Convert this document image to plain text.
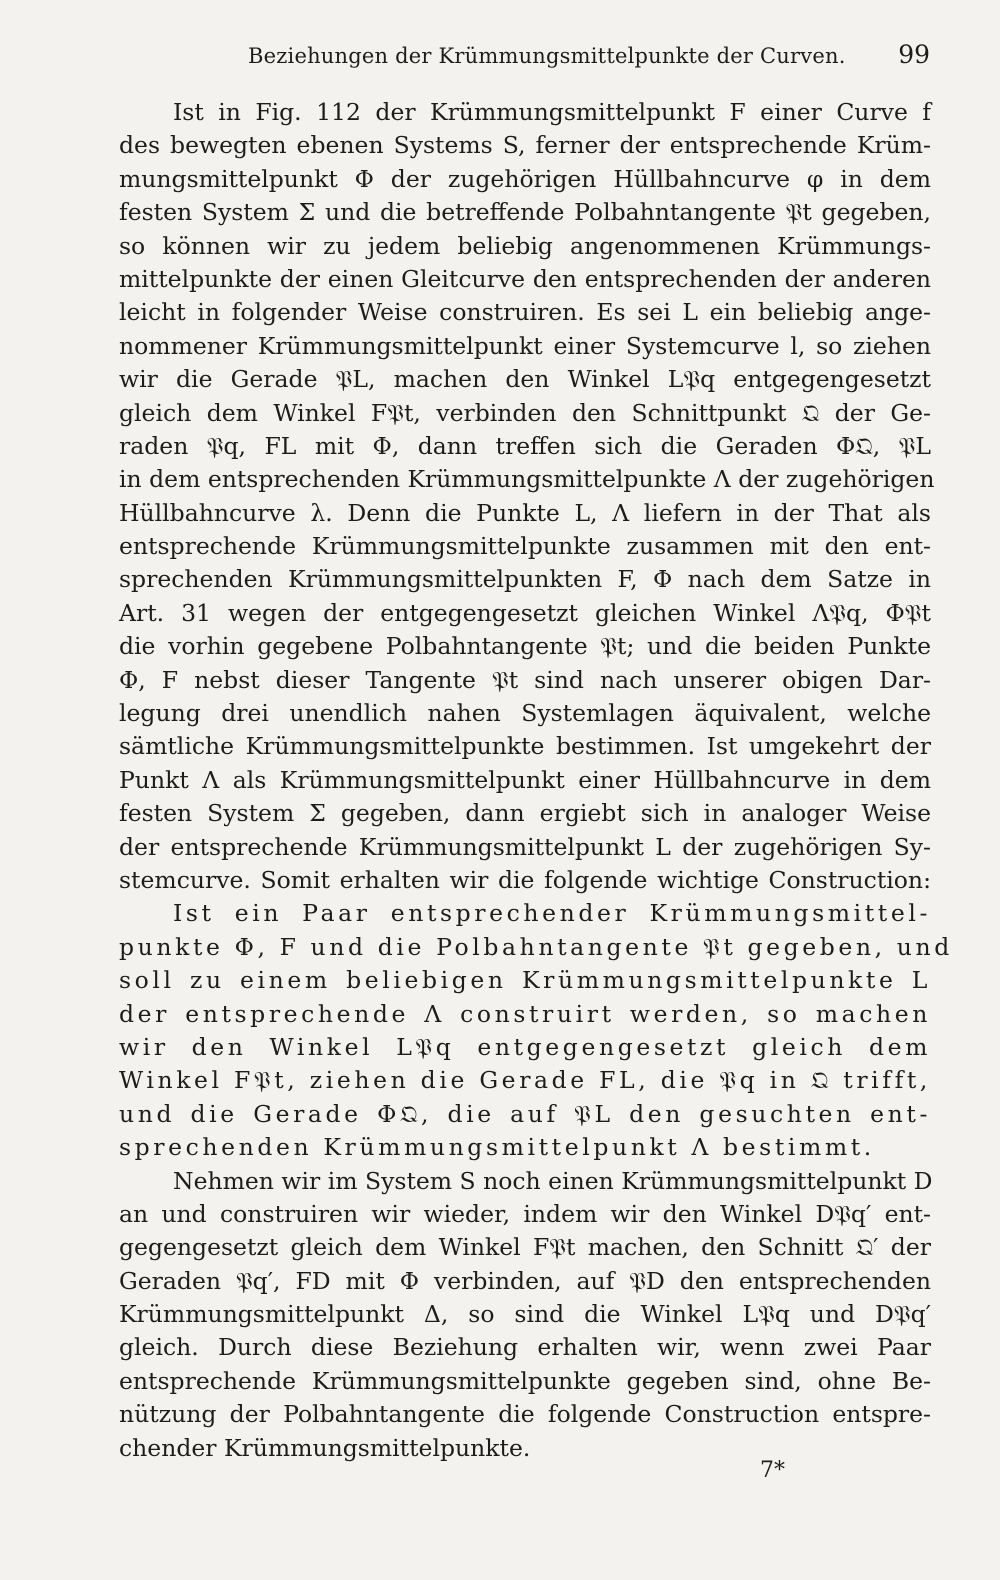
Beziehungen der Krümmungsmittelpunkte der Curven. 99
Ist in Fig. 112 der Krümmungsmittelpunkt F einer Curve f
des bewegten ebenen Systems S, ferner der entsprechende Krüm-
mungsmittelpunkt Φ der zugehörigen Hüllbahncurve φ in dem
festen System Σ und die betreffende Polbahntangente 𝔓t gegeben,
so können wir zu jedem beliebig angenommenen Krümmungs-
mittelpunkte der einen Gleitcurve den entsprechenden der anderen
leicht in folgender Weise construiren. Es sei L ein beliebig ange-
nommener Krümmungsmittelpunkt einer Systemcurve l, so ziehen
wir die Gerade 𝔓L, machen den Winkel L𝔓q entgegengesetzt
gleich dem Winkel F𝔓t, verbinden den Schnittpunkt 𝔔 der Ge-
raden 𝔓q, FL mit Φ, dann treffen sich die Geraden Φ𝔔, 𝔓L
in dem entsprechenden Krümmungsmittelpunkte Λ der zugehörigen
Hüllbahncurve λ. Denn die Punkte L, Λ liefern in der That als
entsprechende Krümmungsmittelpunkte zusammen mit den ent-
sprechenden Krümmungsmittelpunkten F, Φ nach dem Satze in
Art. 31 wegen der entgegengesetzt gleichen Winkel Λ𝔓q, Φ𝔓t
die vorhin gegebene Polbahntangente 𝔓t; und die beiden Punkte
Φ, F nebst dieser Tangente 𝔓t sind nach unserer obigen Dar-
legung drei unendlich nahen Systemlagen äquivalent, welche
sämtliche Krümmungsmittelpunkte bestimmen. Ist umgekehrt der
Punkt Λ als Krümmungsmittelpunkt einer Hüllbahncurve in dem
festen System Σ gegeben, dann ergiebt sich in analoger Weise
der entsprechende Krümmungsmittelpunkt L der zugehörigen Sy-
stemcurve. Somit erhalten wir die folgende wichtige Construction:
Ist ein Paar entsprechender Krümmungsmittel-
punkte Φ, F und die Polbahntangente 𝔓t gegeben, und
soll zu einem beliebigen Krümmungsmittelpunkte L
der entsprechende Λ construirt werden, so machen
wir den Winkel L𝔓q entgegengesetzt gleich dem
Winkel F𝔓t, ziehen die Gerade FL, die 𝔓q in 𝔔 trifft,
und die Gerade Φ𝔔, die auf 𝔓L den gesuchten ent-
sprechenden Krümmungsmittelpunkt Λ bestimmt.
Nehmen wir im System S noch einen Krümmungsmittelpunkt D
an und construiren wir wieder, indem wir den Winkel D𝔓q′ ent-
gegengesetzt gleich dem Winkel F𝔓t machen, den Schnitt 𝔔′ der
Geraden 𝔓q′, FD mit Φ verbinden, auf 𝔓D den entsprechenden
Krümmungsmittelpunkt Δ, so sind die Winkel L𝔓q und D𝔓q′
gleich. Durch diese Beziehung erhalten wir, wenn zwei Paar
entsprechende Krümmungsmittelpunkte gegeben sind, ohne Be-
nützung der Polbahntangente die folgende Construction entspre-
chender Krümmungsmittelpunkte.
7*
